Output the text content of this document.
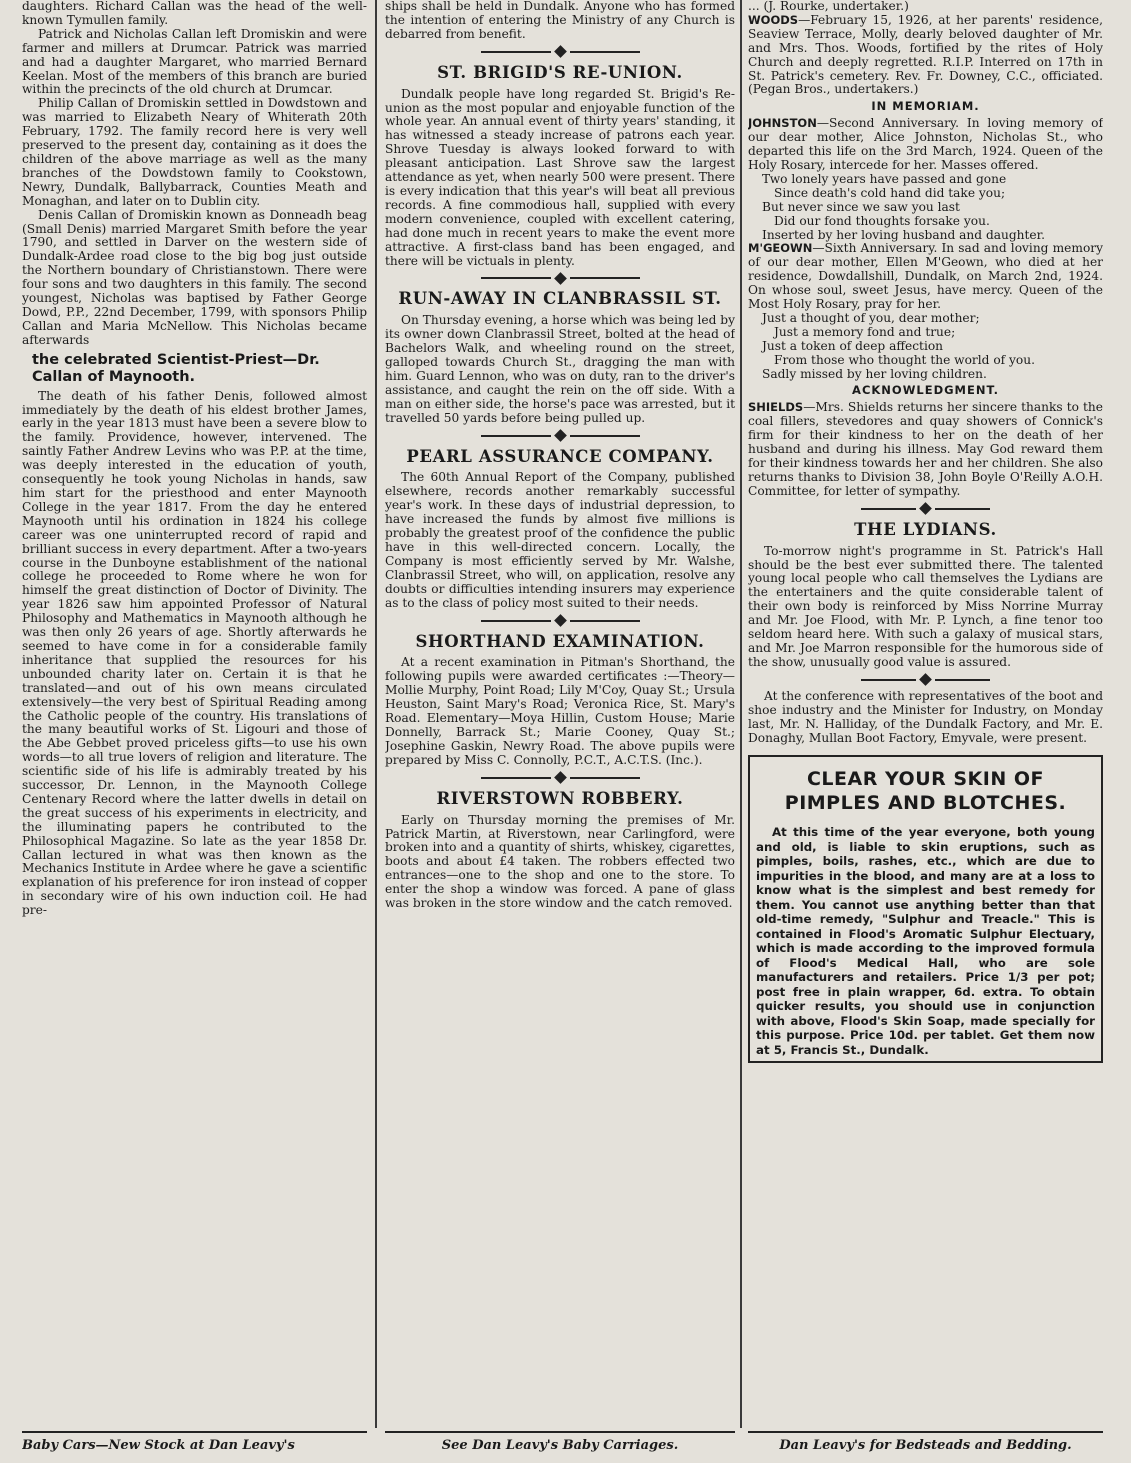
daughters. Richard Callan was the head of the well-known Tymullen family.

Patrick and Nicholas Callan left Dromiskin and were farmer and millers at Drumcar. Patrick was married and had a daughter Margaret, who married Bernard Keelan. Most of the members of this branch are buried within the precincts of the old church at Drumcar.

Philip Callan of Dromiskin settled in Dowdstown and was married to Elizabeth Neary of Whiterath 20th February, 1792. The family record here is very well preserved to the present day, containing as it does the children of the above marriage as well as the many branches of the Dowdstown family to Cookstown, Newry, Dundalk, Ballybarrack, Counties Meath and Monaghan, and later on to Dublin city.

Denis Callan of Dromiskin known as Donneadh beag (Small Denis) married Margaret Smith before the year 1790, and settled in Darver on the western side of Dundalk-Ardee road close to the big bog just outside the Northern boundary of Christianstown. There were four sons and two daughters in this family. The second youngest, Nicholas was baptised by Father George Dowd, P.P., 22nd December, 1799, with sponsors Philip Callan and Maria McNellow. This Nicholas became afterwards

the celebrated Scientist-Priest—Dr. Callan of Maynooth.

The death of his father Denis, followed almost immediately by the death of his eldest brother James, early in the year 1813 must have been a severe blow to the family. Providence, however, intervened. The saintly Father Andrew Levins who was P.P. at the time, was deeply interested in the education of youth, consequently he took young Nicholas in hands, saw him start for the priesthood and enter Maynooth College in the year 1817. From the day he entered Maynooth until his ordination in 1824 his college career was one uninterrupted record of rapid and brilliant success in every department. After a two-years course in the Dunboyne establishment of the national college he proceeded to Rome where he won for himself the great distinction of Doctor of Divinity. The year 1826 saw him appointed Professor of Natural Philosophy and Mathematics in Maynooth although he was then only 26 years of age. Shortly afterwards he seemed to have come in for a considerable family inheritance that supplied the resources for his unbounded charity later on. Certain it is that he translated—and out of his own means circulated extensively—the very best of Spiritual Reading among the Catholic people of the country. His translations of the many beautiful works of St. Ligouri and those of the Abe Gebbet proved priceless gifts—to use his own words—to all true lovers of religion and literature. The scientific side of his life is admirably treated by his successor, Dr. Lennon, in the Maynooth College Centenary Record where the latter dwells in detail on the great success of his experiments in electricity, and the illuminating papers he contributed to the Philosophical Magazine. So late as the year 1858 Dr. Callan lectured in what was then known as the Mechanics Institute in Ardee where he gave a scientific explanation of his preference for iron instead of copper in secondary wire of his own induction coil. He had pre-

Baby Cars—New Stock at Dan Leavy's

ships shall be held in Dundalk. Anyone who has formed the intention of entering the Ministry of any Church is debarred from benefit.

ST. BRIGID'S RE-UNION.

Dundalk people have long regarded St. Brigid's Re-union as the most popular and enjoyable function of the whole year. An annual event of thirty years' standing, it has witnessed a steady increase of patrons each year. Shrove Tuesday is always looked forward to with pleasant anticipation. Last Shrove saw the largest attendance as yet, when nearly 500 were present. There is every indication that this year's will beat all previous records. A fine commodious hall, supplied with every modern convenience, coupled with excellent catering, had done much in recent years to make the event more attractive. A first-class band has been engaged, and there will be victuals in plenty.

RUN-AWAY IN CLANBRASSIL ST.

On Thursday evening, a horse which was being led by its owner down Clanbrassil Street, bolted at the head of Bachelors Walk, and wheeling round on the street, galloped towards Church St., dragging the man with him. Guard Lennon, who was on duty, ran to the driver's assistance, and caught the rein on the off side. With a man on either side, the horse's pace was arrested, but it travelled 50 yards before being pulled up.

PEARL ASSURANCE COMPANY.

The 60th Annual Report of the Company, published elsewhere, records another remarkably successful year's work. In these days of industrial depression, to have increased the funds by almost five millions is probably the greatest proof of the confidence the public have in this well-directed concern. Locally, the Company is most efficiently served by Mr. Walshe, Clanbrassil Street, who will, on application, resolve any doubts or difficulties intending insurers may experience as to the class of policy most suited to their needs.

SHORTHAND EXAMINATION.

At a recent examination in Pitman's Shorthand, the following pupils were awarded certificates :—Theory—Mollie Murphy, Point Road; Lily M'Coy, Quay St.; Ursula Heuston, Saint Mary's Road; Veronica Rice, St. Mary's Road. Elementary—Moya Hillin, Custom House; Marie Donnelly, Barrack St.; Marie Cooney, Quay St.; Josephine Gaskin, Newry Road. The above pupils were prepared by Miss C. Connolly, P.C.T., A.C.T.S. (Inc.).

RIVERSTOWN ROBBERY.

Early on Thursday morning the premises of Mr. Patrick Martin, at Riverstown, near Carlingford, were broken into and a quantity of shirts, whiskey, cigarettes, boots and about £4 taken. The robbers effected two entrances—one to the shop and one to the store. To enter the shop a window was forced. A pane of glass was broken in the store window and the catch removed.

See Dan Leavy's Baby Carriages.

... (J. Rourke, undertaker.)

WOODS—February 15, 1926, at her parents' residence, Seaview Terrace, Molly, dearly beloved daughter of Mr. and Mrs. Thos. Woods, fortified by the rites of Holy Church and deeply regretted. R.I.P. Interred on 17th in St. Patrick's cemetery. Rev. Fr. Downey, C.C., officiated. (Pegan Bros., undertakers.)

IN MEMORIAM.

JOHNSTON—Second Anniversary. In loving memory of our dear mother, Alice Johnston, Nicholas St., who departed this life on the 3rd March, 1924. Queen of the Holy Rosary, intercede for her. Masses offered.

Two lonely years have passed and gone

Since death's cold hand did take you;

But never since we saw you last

Did our fond thoughts forsake you.

Inserted by her loving husband and daughter.

M'GEOWN—Sixth Anniversary. In sad and loving memory of our dear mother, Ellen M'Geown, who died at her residence, Dowdallshill, Dundalk, on March 2nd, 1924. On whose soul, sweet Jesus, have mercy. Queen of the Most Holy Rosary, pray for her.

Just a thought of you, dear mother;

Just a memory fond and true;

Just a token of deep affection

From those who thought the world of you.

Sadly missed by her loving children.

ACKNOWLEDGMENT.

SHIELDS—Mrs. Shields returns her sincere thanks to the coal fillers, stevedores and quay showers of Connick's firm for their kindness to her on the death of her husband and during his illness. May God reward them for their kindness towards her and her children. She also returns thanks to Division 38, John Boyle O'Reilly A.O.H. Committee, for letter of sympathy.

THE LYDIANS.

To-morrow night's programme in St. Patrick's Hall should be the best ever submitted there. The talented young local people who call themselves the Lydians are the entertainers and the quite considerable talent of their own body is reinforced by Miss Norrine Murray and Mr. Joe Flood, with Mr. P. Lynch, a fine tenor too seldom heard here. With such a galaxy of musical stars, and Mr. Joe Marron responsible for the humorous side of the show, unusually good value is assured.

At the conference with representatives of the boot and shoe industry and the Minister for Industry, on Monday last, Mr. N. Halliday, of the Dundalk Factory, and Mr. E. Donaghy, Mullan Boot Factory, Emyvale, were present.

CLEAR YOUR SKIN OF PIMPLES AND BLOTCHES.

At this time of the year everyone, both young and old, is liable to skin eruptions, such as pimples, boils, rashes, etc., which are due to impurities in the blood, and many are at a loss to know what is the simplest and best remedy for them. You cannot use anything better than that old-time remedy, "Sulphur and Treacle." This is contained in Flood's Aromatic Sulphur Electuary, which is made according to the improved formula of Flood's Medical Hall, who are sole manufacturers and retailers. Price 1/3 per pot; post free in plain wrapper, 6d. extra. To obtain quicker results, you should use in conjunction with above, Flood's Skin Soap, made specially for this purpose. Price 10d. per tablet. Get them now at 5, Francis St., Dundalk.

Dan Leavy's for Bedsteads and Bedding.
